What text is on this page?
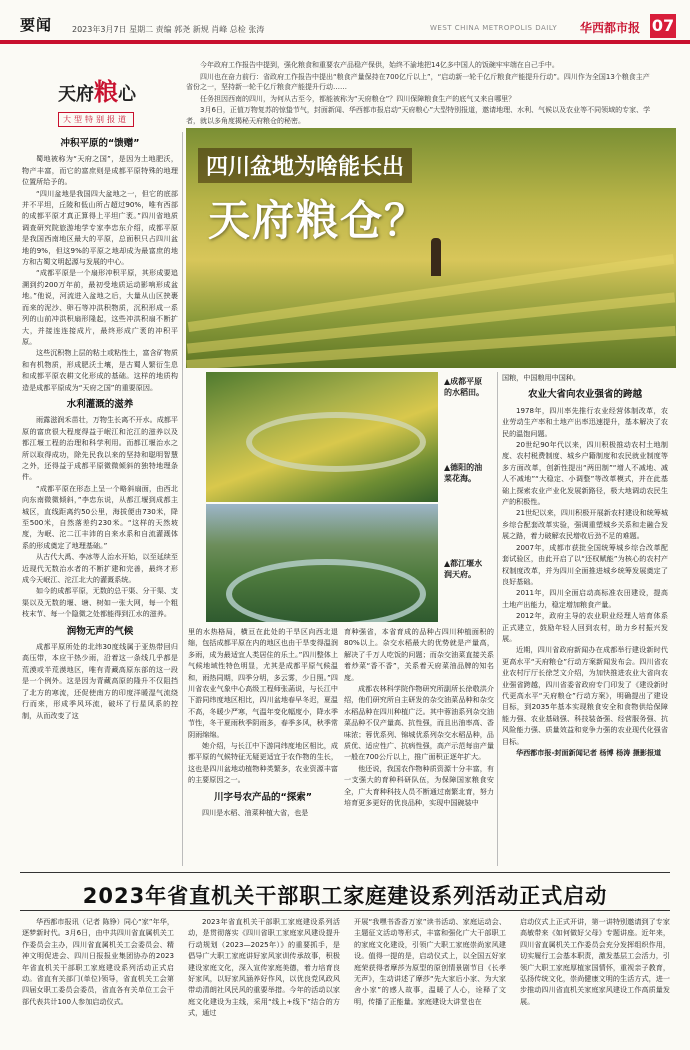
要闻 2023年3月7日 星期二 责编 郭尧 新规 肖峰 总检 张涛	WEST CHINA METROPOLIS DAILY 华西都市报 07
天府粮心
大型特别报道

今年政府工作报告中提到，强化粮食和重要农产品稳产保供，始终不渝地把14亿多中国人的饭碗牢牢端在自己手中。

四川也在奋力前行：省政府工作报告中提出“粮食产量保持在700亿斤以上”，“启动新一轮千亿斤粮食产能提升行动”。四川作为全国13个粮食主产省份之一，坚持新一轮千亿斤粮食产能提升行动……

任务担因西南的四川，为何从古至今，都能被称为“天府粮仓”？四川保障粮食生产的底气又来自哪里？

3月6日，正值万物复苏的惊蛰节气，封面新闻、华西都市报启动“天府粮心”大型特别报道，邀请地理、水利、气候以及农业等不同领域的专家、学者，就以多角度揭秘天府粮仓的秘密。

四川盆地为啥能长出
天府粮仓？
▲成都平原的水稻田。
▲德阳的油菜花海。
▲都江堰水润天府。
冲积平原的“馈赠”

蜀地被称为“天府之国”，是因为土地肥沃，物产丰富，而它的富庶则是成都平原特殊的地理位置所给予的。

“四川盆地是我国四大盆地之一，但它的底部并不平坦，丘陵和低山所占超过90%，唯有西部的成都平原才真正算得上平坦广袤。”四川省地质调查研究院旅游地学专家李忠东介绍，成都平原是我国西南地区最大的平原，总面积只占四川盆地的9%，但这9%的平原之地却成为最富庶的地方和古蜀文明起源与发展的中心。

“成都平原是一个扇形冲积平原，其形成要追溯到约200万年前，最初受地质运动影响形成盆地。”他说，河流进入盆地之后，大量从山区挟裹而来的泥沙、卵石等冲洪积物质，沉积形成一系列的山前冲洪积扇形隆起，这些冲洪积扇不断扩大，并接连连接成片，最终形成广袤的冲积平原。

这些沉积物上层的粘土或粘性土，富含矿物质和有机物质，形成肥沃土壤，是古蜀人繁衍生息和成都平原农耕文化形成的基础。这样的地质构造是成都平原成为“天府之国”的重要原因。

水利灌溉的滋养

雨露滋润禾苗壮，万物生长离不开水。成都平原的富庶很大程度得益于岷江和沱江的滋养以及都江堰工程的治理和科学利用。而都江堰治水之所以取得成功，除先民我以来的坚持和聪明智慧之外，还得益于成都平原微微倾斜的独特地理条件。

“成都平原在形态上呈一个略斜扇面，由西北向东南微微倾斜，”李忠东说，从都江堰到成都主城区，直线距离约50公里，海拔便由730米，降至500米，自然落差约230米。“这样的天然坡度，为岷、沱二江丰沛的自来水系和自流灌溉体系的形成奠定了地理基础。”

从古代大禹、李冰等人治水开始，以至延续至近现代无数治水者的不断扩建和完善，最终才形成今天岷江、沱江北大的灌溉系统。

如今的成都平原，无数的总干渠、分干渠、支渠以及无数的堰、塘、树如一张大网，每一个粗枝末节、每一个隐微之处都能得到江水的滋养。

润物无声的气候

成都平原所处的北纬30度线属于亚热带回归高压带，本应干热少雨，沿着这一条线几乎都是荒漠或半荒漠地区，唯有青藏高原东部的这一段是一个例外。这是因为青藏高原的隆升不仅阻挡了北方的寒流，还促使南方的印度洋暖湿气流绕行而来，形成季风环流，破坏了行星风系的控制，从而改变了这

里的水热格局，横亘在此处的干旱区向西北退缩，包括成都平原在内的地区也由干旱变得温润多雨，成为最适宜人类居住的乐土。”四川整体上气候地域性特色明显，尤其是成都平原气候温和，雨热同期，四季分明，多云雾，少日照。”四川省农业气象中心高级工程师张菡说，与长江中下游同纬度地区相比，四川盆地春早冬迟，夏温不高，冬暖少严寒，气温年变化幅度小，降水季节性，冬干夏雨秋季阴雨多，春季多风，秋季常阴雨绵绵。

她介绍，与长江中下游同纬度地区相比，成都平原的气候特征无疑更适宜于农作物的生长，这也是四川盆地动植物种类繁多，农业资源丰富的主要原因之一。

川字号农产品的“探索”

四川是水稻、油菜种植大省，也是

育种强省，本省育成的品种占四川种植面积的80%以上。杂交水稻最大的优势就是产量高，解决了千万人吃饭的问题；而杂交油菜直接关系着炒菜“香不香”，关系着天府菜油品牌的知名度。

成都农林科学院作物研究所副所长徐敬洪介绍，他们研究所自主研发的杂交油菜品种和杂交水稻品种在四川种植广泛。其中蓉油系列杂交油菜品种不仅产量高、抗性强，而且出油率高、香味浓；蓉优系列、锦城优系列杂交水稻品种，品质优、适应性广、抗病性强，高产示范每亩产量一般在700公斤以上，推广面积正逐年扩大。

他还说，我国农作物种质资源十分丰富，有一支强大的育种科研队伍，为保障国家粮食安全，广大育种科技人员不断通过南繁北育，努力培育更多更好的优良品种，实现中国碗装中

国粮，中国粮用中国种。

农业大省向农业强省的跨越

1978年，四川率先推行农业经营体制改革，农业劳动生产率和土地产出率迅速提升，基本解决了农民的温饱问题。

20世纪90年代以来，四川积极推动农村土地制度、农村税费制度、城乡户籍制度和农民就业制度等多方面改革，创新性提出“两田制”“增人不减地、减人不减地”“大稳定、小调整”等改革模式，并在此基础上探索农业产业化发展新路径，极大地调动农民生产的积极性。

21世纪以来，四川积极开展新农村建设和统筹城乡综合配套改革实验，强调重塑城乡关系和走融合发展之路，着力破解农民增收后劲不足的难题。

2007年，成都市获批全国统筹城乡综合改革配套试验区，由此开启了以“还权赋能”为核心的农村产权制度改革，并为四川全面推进城乡统筹发展奠定了良好基础。

2011年，四川全面启动高标准农田建设，提高土地产出能力，稳定增加粮食产量。

2012年，政府主导的农业职业经理人培育体系正式建立，鼓励年轻人回到农村，助力乡村振兴发展。

近期，四川省政府新闻办在成都举行建设新时代更高水平“天府粮仓”行动方案新闻发布会。四川省农业农村厅厅长徐芝文介绍，为加快推进农业大省向农业强省跨越，四川省委省政府专门印发了《建设新时代更高水平“天府粮仓”行动方案》，明确提出了建设目标，到2035年基本实现粮食安全和食物供给保障能力强、农业基础强、科技装备强、经营服务强、抗风险能力强、质量效益和竞争力强的农业现代化强省目标。

华西都市报-封面新闻记者 杨博 杨涛 摄影报道

2023年省直机关干部职工家庭建设系列活动正式启动

华西都市报讯（记者 陈铮）同心“家”年华，逐梦新时代。3月6日，由中共四川省直属机关工作委员会主办，四川省直属机关工会委员会、精神文明促进会、四川日报报业集团协办的2023年省直机关干部职工家庭建设系列活动正式启动。省直有关部门(单位)领导，省直机关工会第四届女职工委员会委员，省直各有关单位工会干部代表共计100人参加启动仪式。

2023年省直机关干部职工家庭建设系列活动，是贯彻落实《四川省职工家庭家风建设提升行动规划（2023—2025年）》的重要抓手，是倡导广大职工家庭讲好家风家训传承故事，积极建设家庭文化，深入宣传家庭美德，着力培育良好家风，以好家风涵养好作风，以优良党风政风带动清朗社风民风的重要举措。今年的活动以家庭文化建设为主线，采用“线上+线下”结合的方式，通过

开展“我嘿书香香万家”读书活动、家庭运动会、主题征文活动等形式，丰富和强化广大干部职工的家庭文化建设，引领广大职工家庭崇尚家风建设。值得一提的是，启动仪式上，以全国五好家庭荣获得者摩莎为原型的原创情景剧节目《长孝无声》，生动讲述了摩莎“先大家后小家、为大家舍小家”的感人故事，温暖了人心，诠释了文明，传播了正能量。家庭建设大讲堂也在

启动仪式上正式开讲，第一讲特别邀请到了专家高敏带来《如何做好父母》专题讲座。近年来，四川省直属机关工作委员会充分发挥组织作用，切实履行工会基本职责，激发基层工会活力，引领广大职工家庭厚植家国情怀，重视亲子教育，弘扬传统文化，崇尚健康文明的生活方式，进一步推动四川省直机关家庭家风建设工作高质量发展。
